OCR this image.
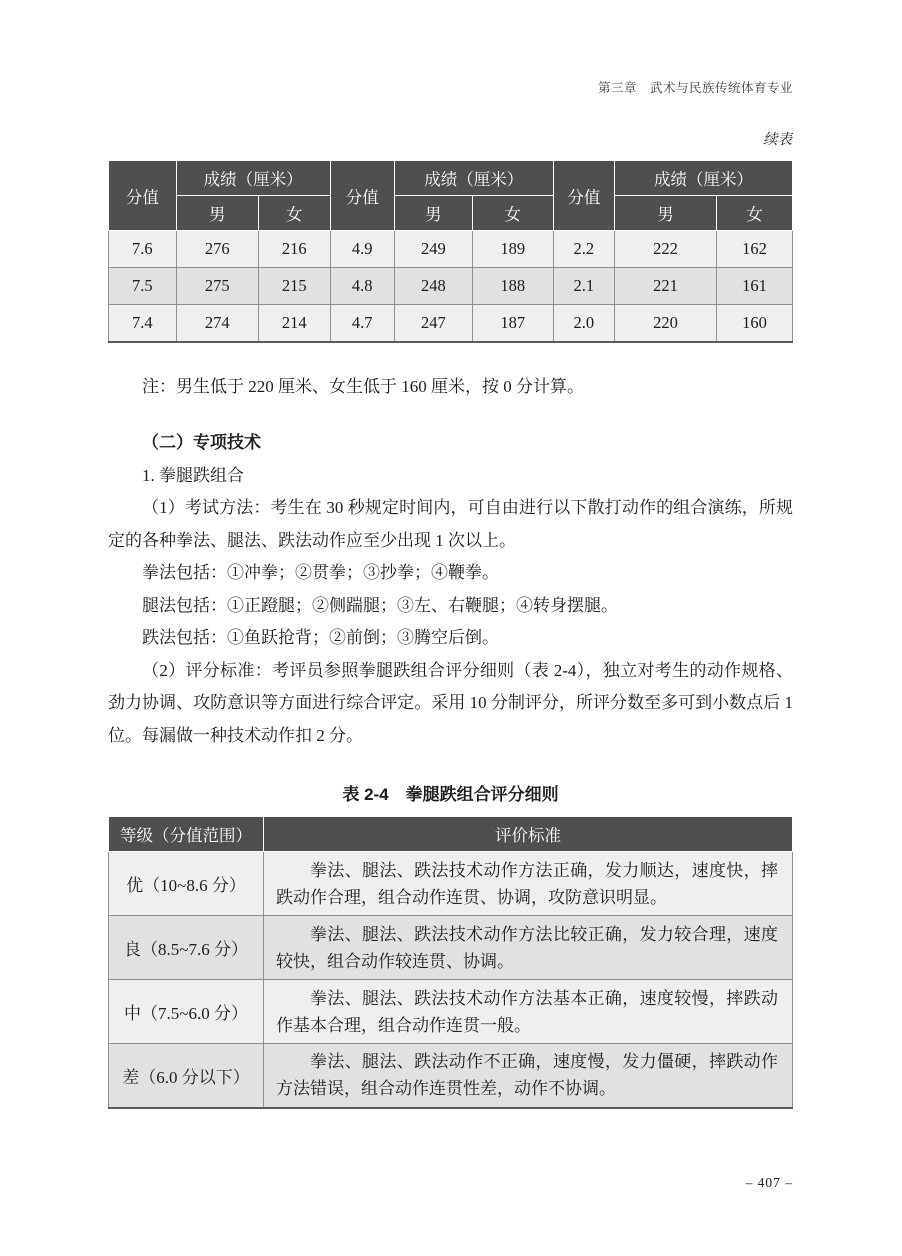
第三章　武术与民族传统体育专业
续表
分值	成绩（厘米）		分值	成绩（厘米）		分值	成绩（厘米）	
	男	女		男	女		男	女
7.6	276	216	4.9	249	189	2.2	222	162
7.5	275	215	4.8	248	188	2.1	221	161
7.4	274	214	4.7	247	187	2.0	220	160

注：男生低于 220 厘米、女生低于 160 厘米，按 0 分计算。

（二）专项技术

1. 拳腿跌组合

（1）考试方法：考生在 30 秒规定时间内，可自由进行以下散打动作的组合演练，所规定的各种拳法、腿法、跌法动作应至少出现 1 次以上。

拳法包括：①冲拳；②贯拳；③抄拳；④鞭拳。

腿法包括：①正蹬腿；②侧踹腿；③左、右鞭腿；④转身摆腿。

跌法包括：①鱼跃抢背；②前倒；③腾空后倒。

（2）评分标准：考评员参照拳腿跌组合评分细则（表 2-4），独立对考生的动作规格、劲力协调、攻防意识等方面进行综合评定。采用 10 分制评分，所评分数至多可到小数点后 1 位。每漏做一种技术动作扣 2 分。

表 2-4　拳腿跌组合评分细则
等级（分值范围）	评价标准
优（10~8.6 分）	拳法、腿法、跌法技术动作方法正确，发力顺达，速度快，摔跌动作合理，组合动作连贯、协调，攻防意识明显。
良（8.5~7.6 分）	拳法、腿法、跌法技术动作方法比较正确，发力较合理，速度较快，组合动作较连贯、协调。
中（7.5~6.0 分）	拳法、腿法、跌法技术动作方法基本正确，速度较慢，摔跌动作基本合理，组合动作连贯一般。
差（6.0 分以下）	拳法、腿法、跌法动作不正确，速度慢，发力僵硬，摔跌动作方法错误，组合动作连贯性差，动作不协调。
– 407 –
